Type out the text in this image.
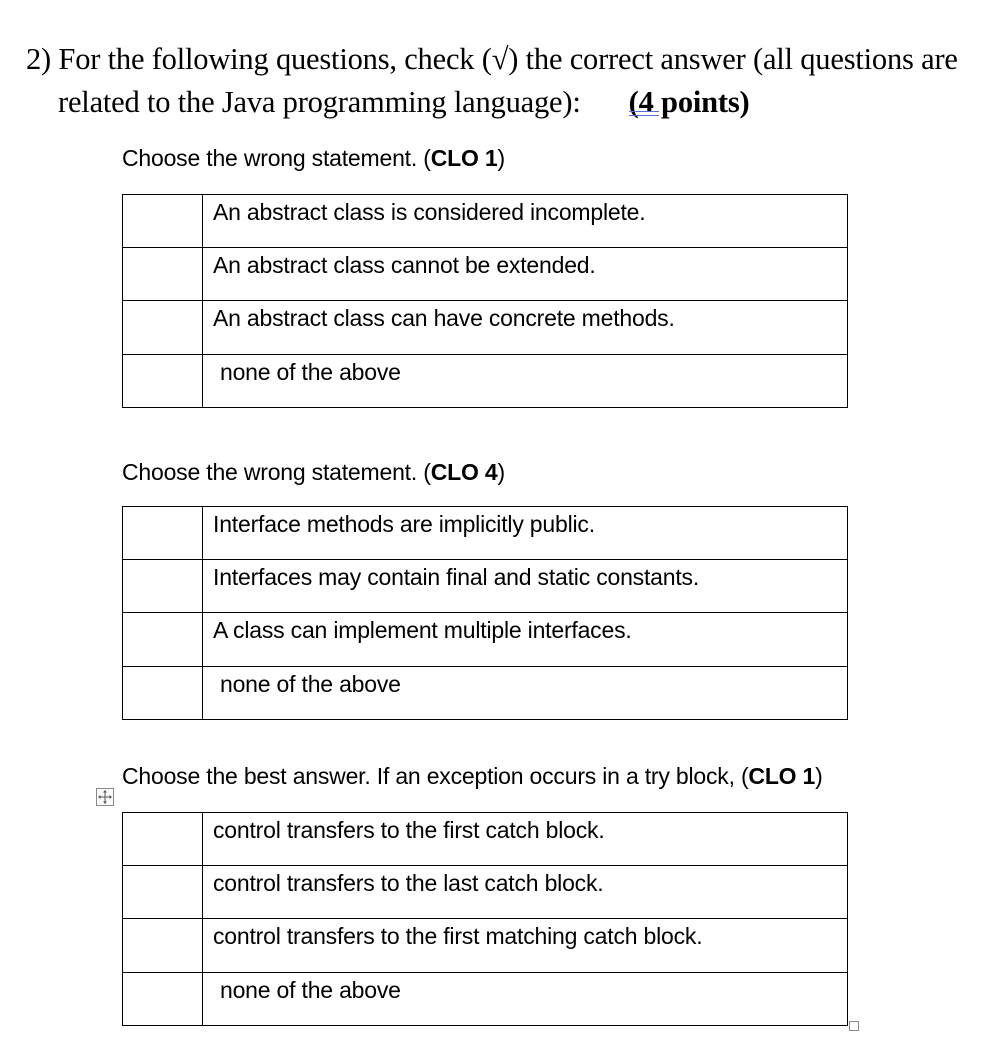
2) For the following questions, check (√) the correct answer (all questions are
related to the Java programming language): (4 points)
Choose the wrong statement. (CLO 1)
	An abstract class is considered incomplete.
	An abstract class cannot be extended.
	An abstract class can have concrete methods.
	none of the above
Choose the wrong statement. (CLO 4)
	Interface methods are implicitly public.
	Interfaces may contain final and static constants.
	A class can implement multiple interfaces.
	none of the above
Choose the best answer. If an exception occurs in a try block, (CLO 1)
	control transfers to the first catch block.
	control transfers to the last catch block.
	control transfers to the first matching catch block.
	none of the above
